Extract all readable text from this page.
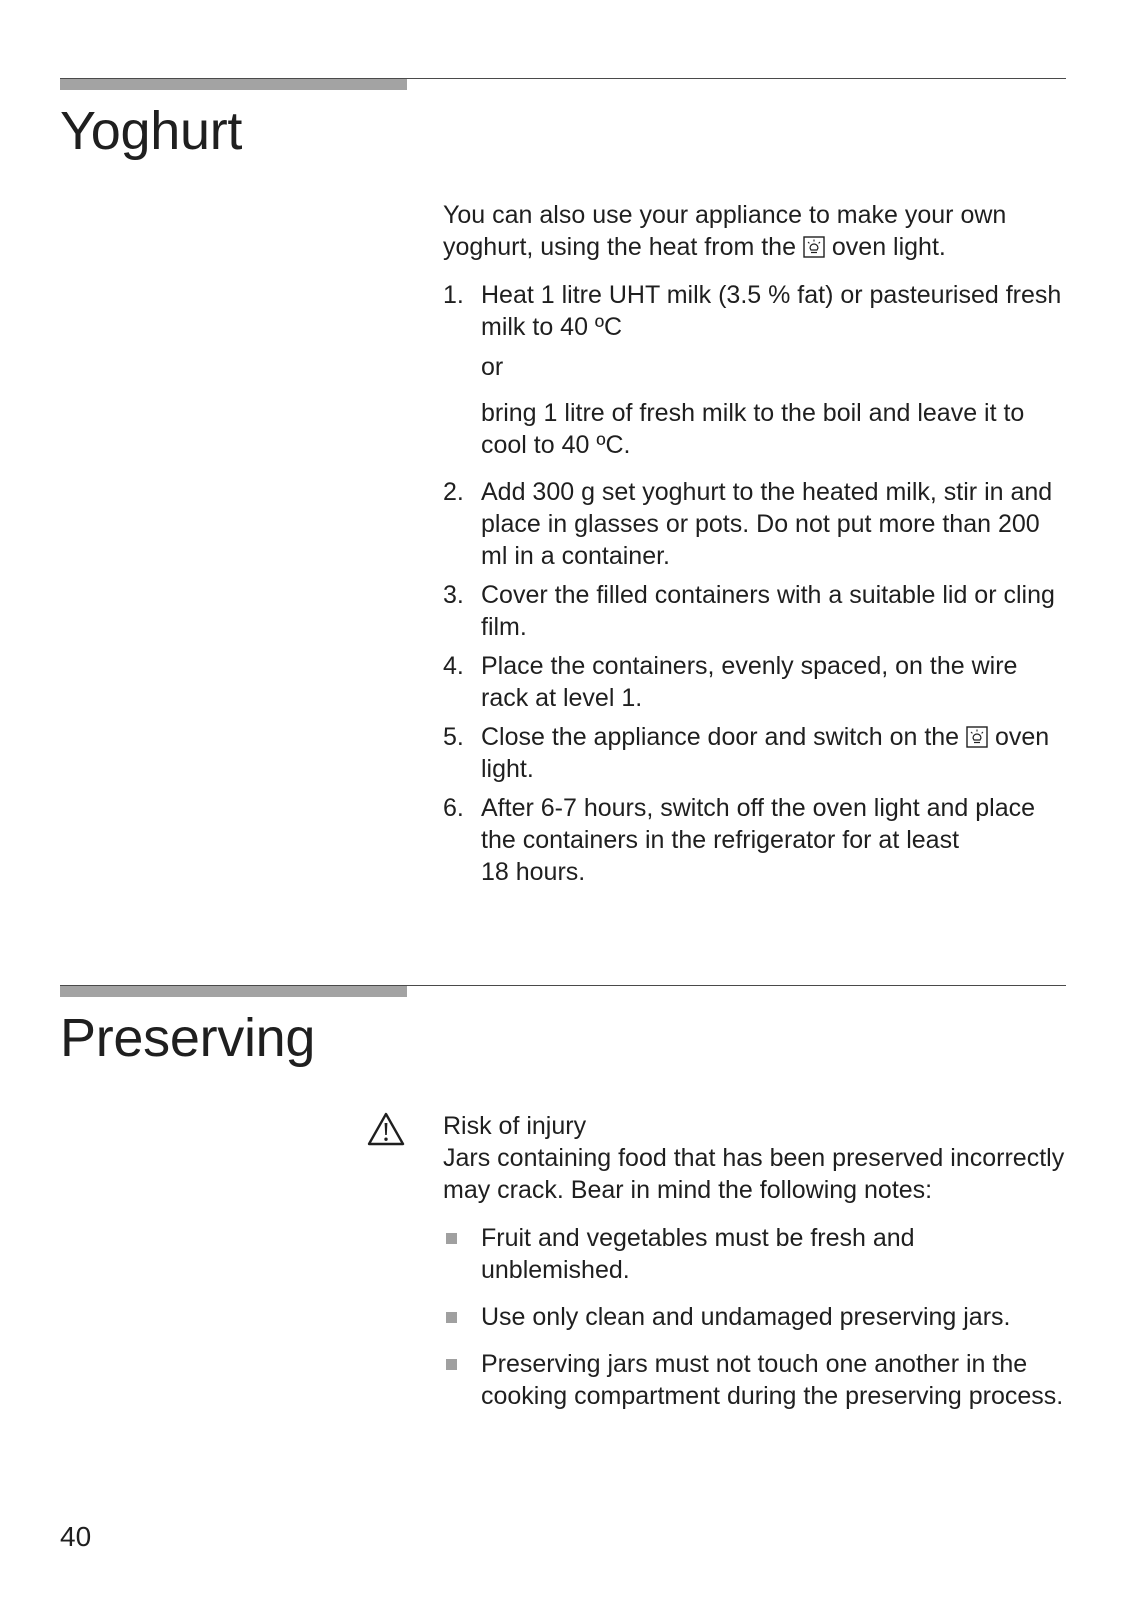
Yoghurt

You can also use your appliance to make your own yoghurt, using the heat from the  oven light.

1. Heat 1 litre UHT milk (3.5 % fat) or pasteurised fresh milk to 40 ºC

or

bring 1 litre of fresh milk to the boil and leave it to cool to 40 ºC.

2. Add 300 g set yoghurt to the heated milk, stir in and place in glasses or pots. Do not put more than 200 ml in a container.

3. Cover the filled containers with a suitable lid or cling film.

4. Place the containers, evenly spaced, on the wire rack at level 1.

5. Close the appliance door and switch on the  oven light.

6. After 6-7 hours, switch off the oven light and place the containers in the refrigerator for at least

18 hours.

Preserving

Risk of injury

Jars containing food that has been preserved incorrectly may crack. Bear in mind the following notes:

Fruit and vegetables must be fresh and unblemished.
Use only clean and undamaged preserving jars.
Preserving jars must not touch one another in the cooking compartment during the preserving process.
40
